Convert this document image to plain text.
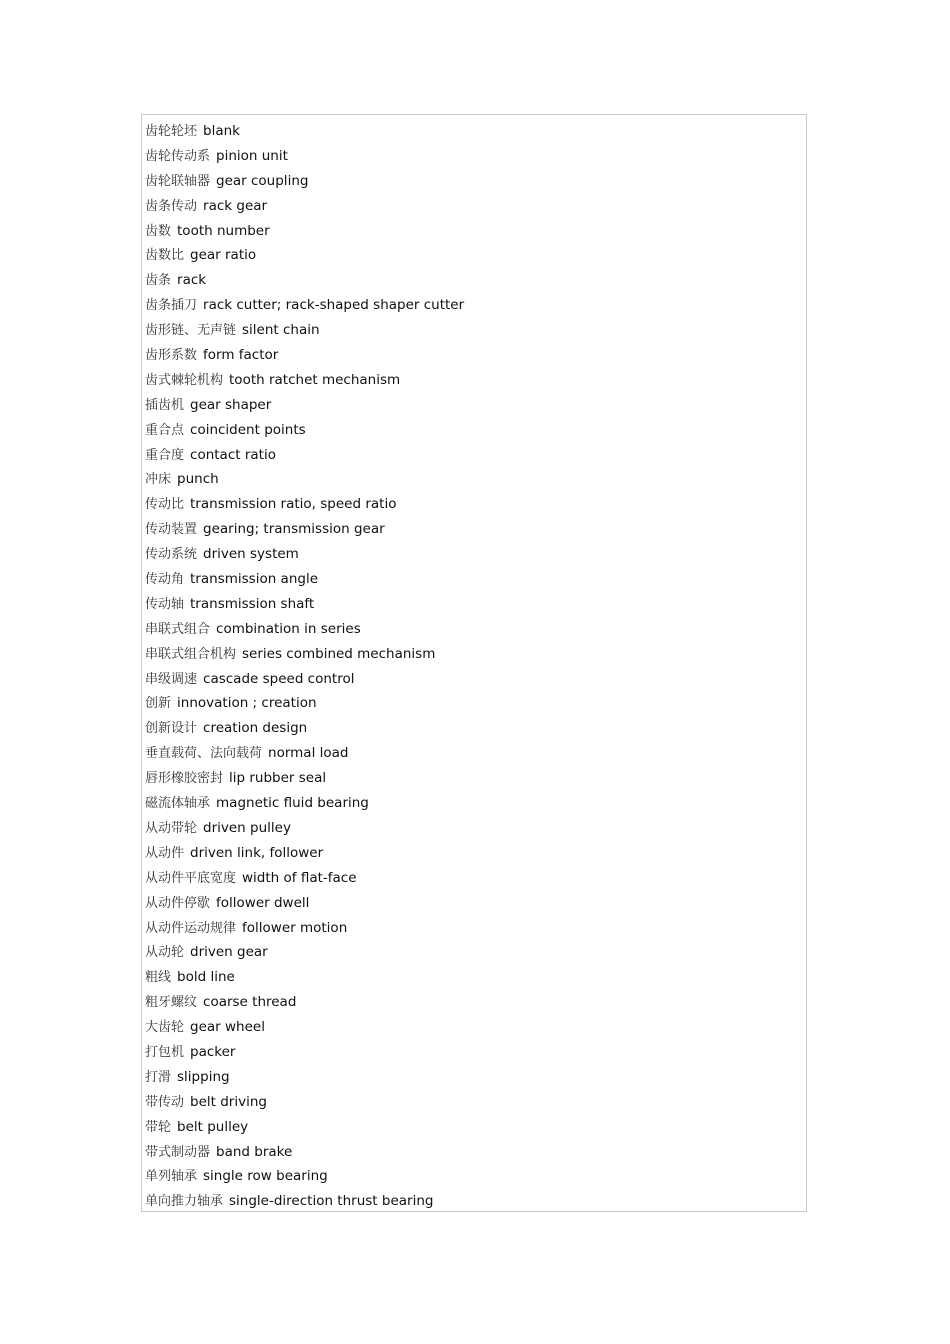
齿轮轮坯 blank
齿轮传动系 pinion unit
齿轮联轴器 gear coupling
齿条传动 rack gear
齿数 tooth number
齿数比 gear ratio
齿条 rack
齿条插刀 rack cutter; rack-shaped shaper cutter
齿形链、无声链 silent chain
齿形系数 form factor
齿式棘轮机构 tooth ratchet mechanism
插齿机 gear shaper
重合点 coincident points
重合度 contact ratio
冲床 punch
传动比 transmission ratio, speed ratio
传动装置 gearing; transmission gear
传动系统 driven system
传动角 transmission angle
传动轴 transmission shaft
串联式组合 combination in series
串联式组合机构 series combined mechanism
串级调速 cascade speed control
创新 innovation ; creation
创新设计 creation design
垂直载荷、法向载荷 normal load
唇形橡胶密封 lip rubber seal
磁流体轴承 magnetic fluid bearing
从动带轮 driven pulley
从动件 driven link, follower
从动件平底宽度 width of flat-face
从动件停歇 follower dwell
从动件运动规律 follower motion
从动轮 driven gear
粗线 bold line
粗牙螺纹 coarse thread
大齿轮 gear wheel
打包机 packer
打滑 slipping
带传动 belt driving
带轮 belt pulley
带式制动器 band brake
单列轴承 single row bearing
单向推力轴承 single-direction thrust bearing
